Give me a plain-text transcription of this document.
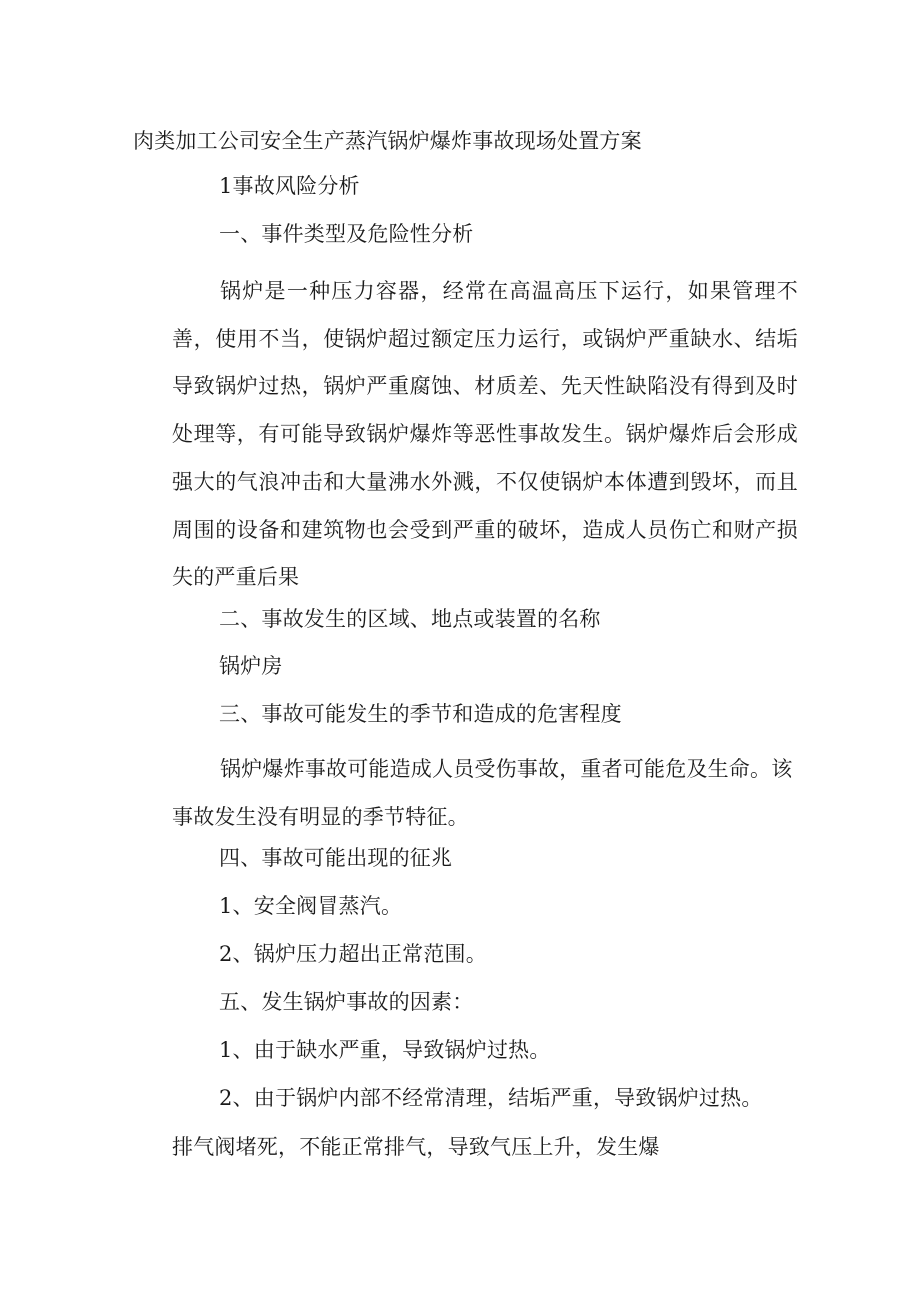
肉类加工公司安全生产蒸汽锅炉爆炸事故现场处置方案

1事故风险分析

一、事件类型及危险性分析

锅炉是一种压力容器，经常在高温高压下运行，如果管理不善，使用不当，使锅炉超过额定压力运行，或锅炉严重缺水、结垢导致锅炉过热，锅炉严重腐蚀、材质差、先天性缺陷没有得到及时处理等，有可能导致锅炉爆炸等恶性事故发生。锅炉爆炸后会形成强大的气浪冲击和大量沸水外溅，不仅使锅炉本体遭到毁坏，而且周围的设备和建筑物也会受到严重的破坏，造成人员伤亡和财产损失的严重后果

二、事故发生的区域、地点或装置的名称

锅炉房

三、事故可能发生的季节和造成的危害程度

锅炉爆炸事故可能造成人员受伤事故，重者可能危及生命。该事故发生没有明显的季节特征。

四、事故可能出现的征兆

1、安全阀冒蒸汽。

2、锅炉压力超出正常范围。

五、发生锅炉事故的因素：

1、由于缺水严重，导致锅炉过热。

2、由于锅炉内部不经常清理，结垢严重，导致锅炉过热。

排气阀堵死，不能正常排气，导致气压上升，发生爆
